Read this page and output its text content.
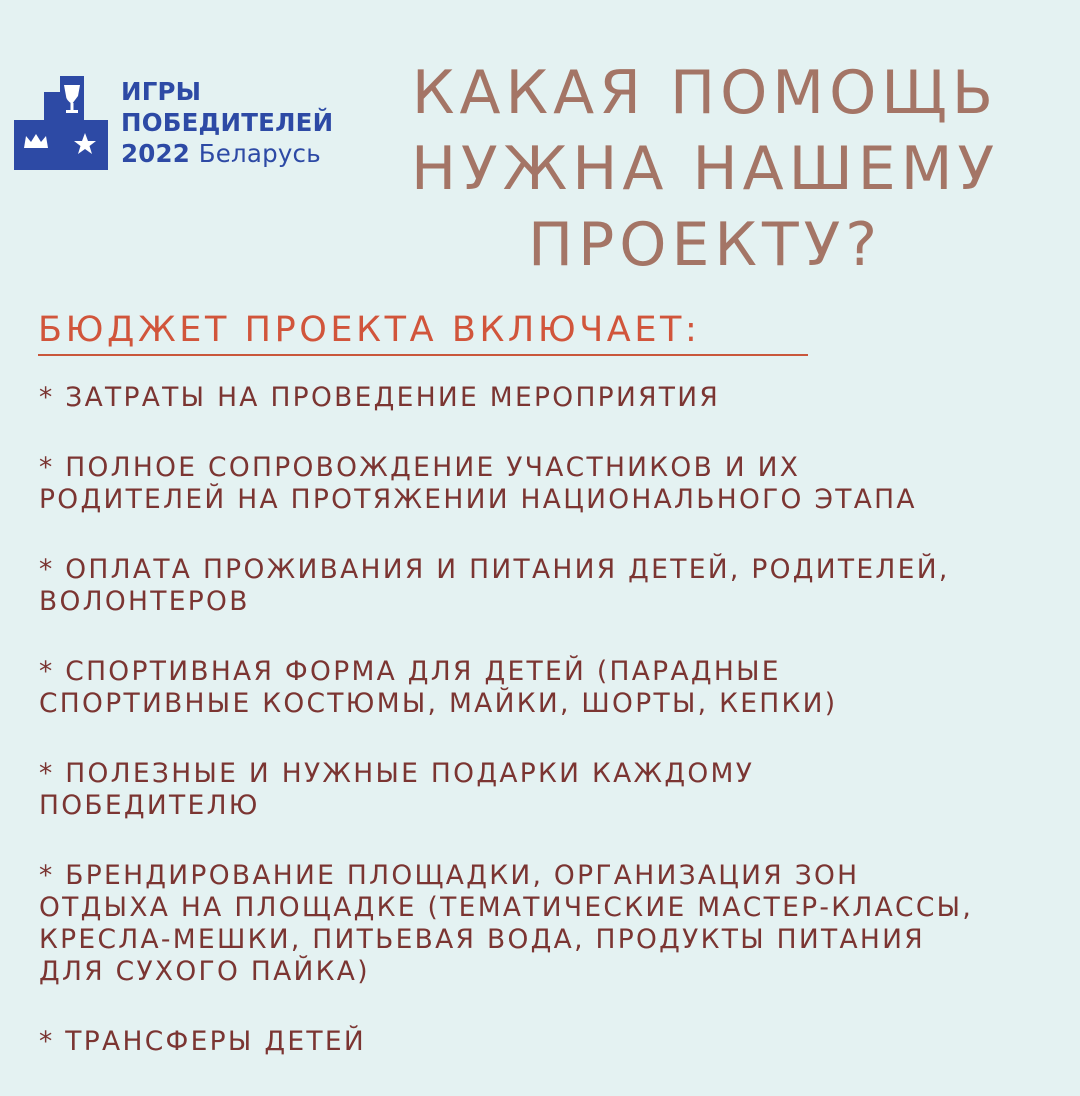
ИГРЫ
ПОБЕДИТЕЛЕЙ
2022 Беларусь
КАКАЯ ПОМОЩЬ
НУЖНА НАШЕМУ
ПРОЕКТУ?
БЮДЖЕТ ПРОЕКТА ВКЛЮЧАЕТ:
* ЗАТРАТЫ НА ПРОВЕДЕНИЕ МЕРОПРИЯТИЯ
* ПОЛНОЕ СОПРОВОЖДЕНИЕ УЧАСТНИКОВ И ИХ
РОДИТЕЛЕЙ НА ПРОТЯЖЕНИИ НАЦИОНАЛЬНОГО ЭТАПА
* ОПЛАТА ПРОЖИВАНИЯ И ПИТАНИЯ ДЕТЕЙ, РОДИТЕЛЕЙ,
ВОЛОНТЕРОВ
* СПОРТИВНАЯ ФОРМА ДЛЯ ДЕТЕЙ (ПАРАДНЫЕ
СПОРТИВНЫЕ КОСТЮМЫ, МАЙКИ, ШОРТЫ, КЕПКИ)
* ПОЛЕЗНЫЕ И НУЖНЫЕ ПОДАРКИ КАЖДОМУ
ПОБЕДИТЕЛЮ
* БРЕНДИРОВАНИЕ ПЛОЩАДКИ, ОРГАНИЗАЦИЯ ЗОН
ОТДЫХА НА ПЛОЩАДКЕ (ТЕМАТИЧЕСКИЕ МАСТЕР-КЛАССЫ,
КРЕСЛА-МЕШКИ, ПИТЬЕВАЯ ВОДА, ПРОДУКТЫ ПИТАНИЯ
ДЛЯ СУХОГО ПАЙКА)
* ТРАНСФЕРЫ ДЕТЕЙ
